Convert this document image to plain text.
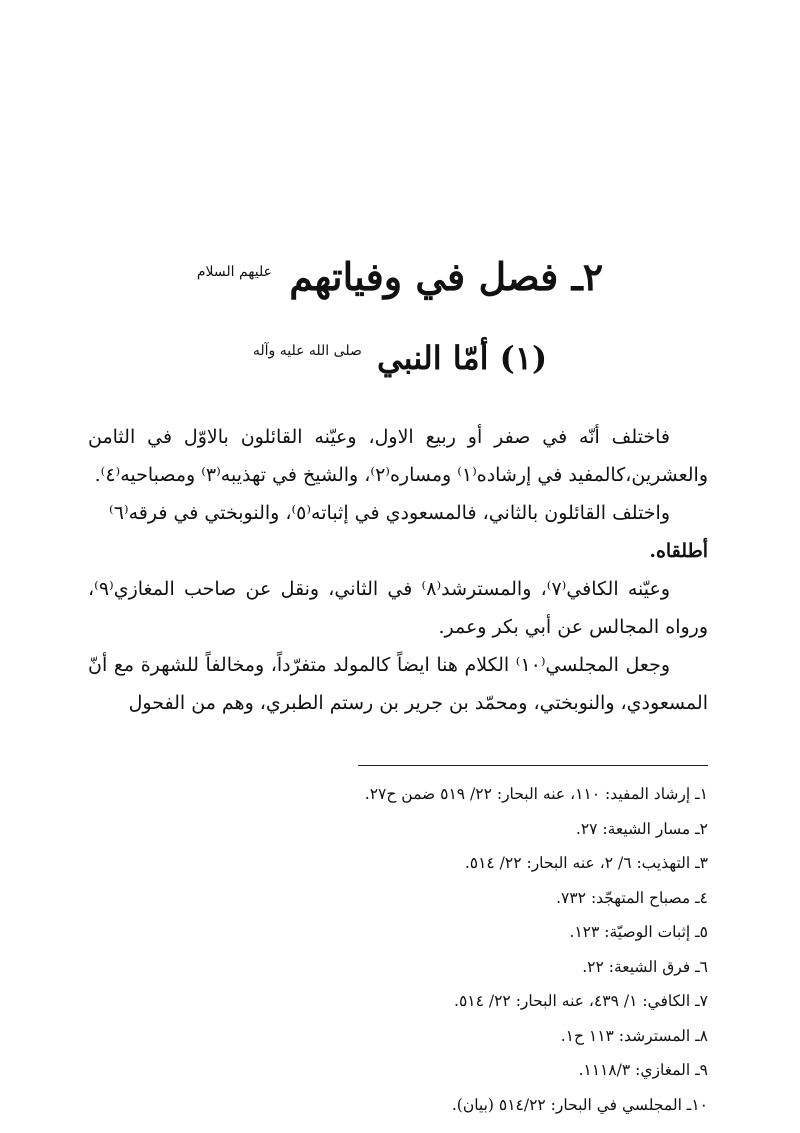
٢ـ فصل في وفياتهم $^{عليهم السلام}$
(١) أمّا النبي $^{صلى الله عليه وآله}$

فاختلف أنّه في صفر أو ربيع الاول، وعيّنه القائلون بالاوّل في الثامن والعشرين،كالمفيد في إرشاده⁽١⁾ ومساره⁽٢⁾، والشيخ في تهذيبه⁽٣⁾ ومصباحيه⁽٤⁾.

واختلف القائلون بالثاني، فالمسعودي في إثباته⁽٥⁾، والنوبختي في فرقه⁽٦⁾

أطلقاه.

وعيّنه الكافي⁽٧⁾، والمسترشد⁽٨⁾ في الثاني، ونقل عن صاحب المغازي⁽٩⁾، ورواه المجالس عن أبي بكر وعمر.

وجعل المجلسي⁽١٠⁾ الكلام هنا ايضاً كالمولد متفرّداً، ومخالفاً للشهرة مع أنّ المسعودي، والنوبختي، ومحمّد بن جرير بن رستم الطبري، وهم من الفحول

١ـ إرشاد المفيد: ١١٠، عنه البحار: ٢٢/ ٥١٩ ضمن ح٢٧.
٢ـ مسار الشيعة: ٢٧.
٣ـ التهذيب: ٦/ ٢، عنه البحار: ٢٢/ ٥١٤.
٤ـ مصباح المتهجّد: ٧٣٢.
٥ـ إثبات الوصيّة: ١٢٣.
٦ـ فرق الشيعة: ٢٢.
٧ـ الكافي: ١/ ٤٣٩، عنه البحار: ٢٢/ ٥١٤.
٨ـ المسترشد: ١١٣ ح١.
٩ـ المغازي: ١١١٨/٣.
١٠ـ المجلسي في البحار: ٥١٤/٢٢ (بيان).
